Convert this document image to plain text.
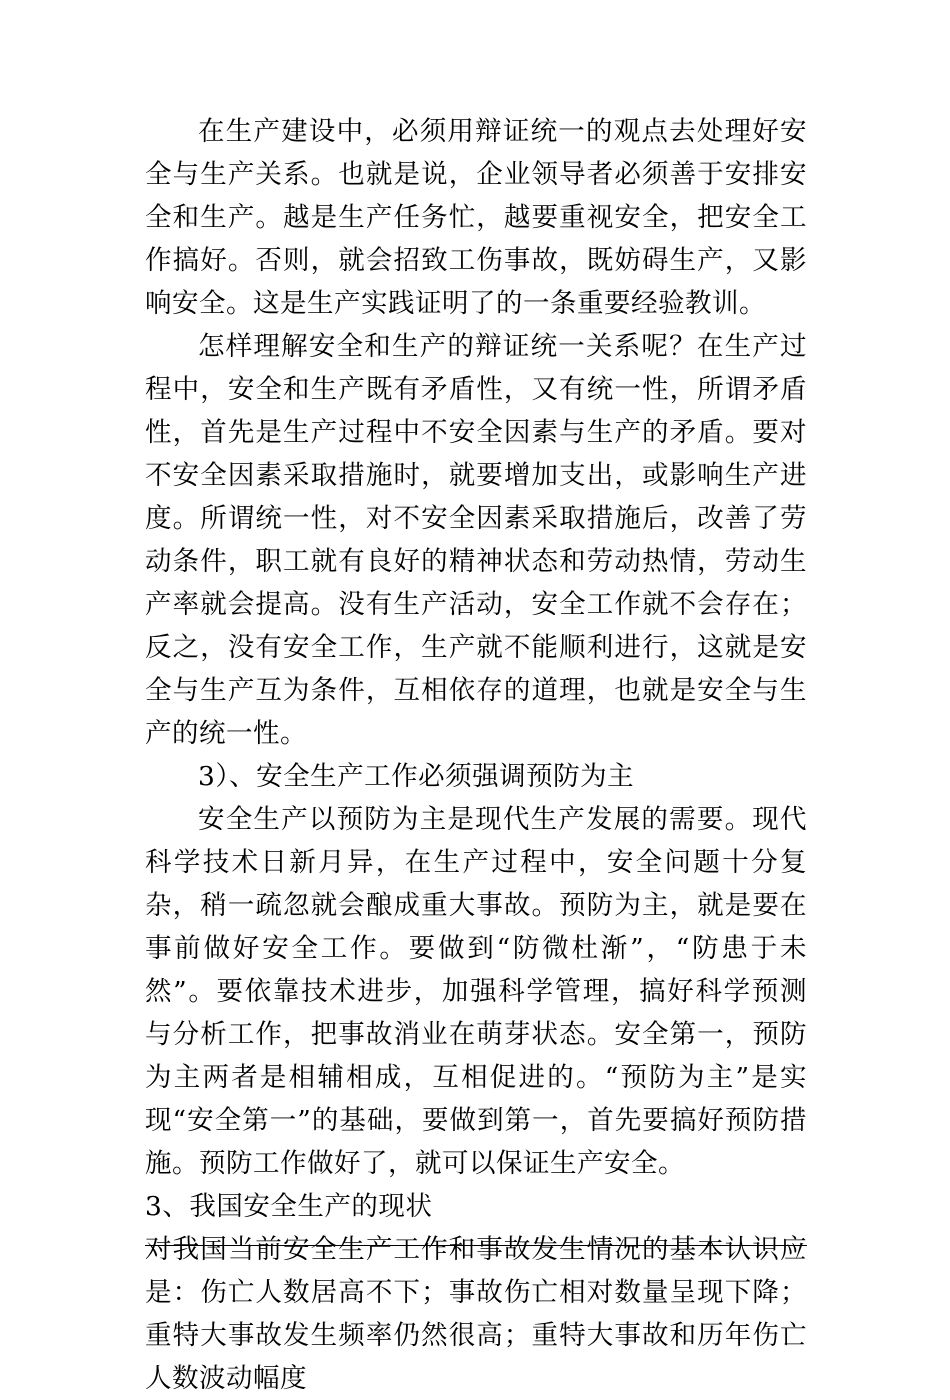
在生产建设中，必须用辩证统一的观点去处理好安全与生产关系。也就是说，企业领导者必须善于安排安全和生产。越是生产任务忙，越要重视安全，把安全工作搞好。否则，就会招致工伤事故，既妨碍生产，又影响安全。这是生产实践证明了的一条重要经验教训。

怎样理解安全和生产的辩证统一关系呢？在生产过程中，安全和生产既有矛盾性，又有统一性，所谓矛盾性，首先是生产过程中不安全因素与生产的矛盾。要对不安全因素采取措施时，就要增加支出，或影响生产进度。所谓统一性，对不安全因素采取措施后，改善了劳动条件，职工就有良好的精神状态和劳动热情，劳动生产率就会提高。没有生产活动，安全工作就不会存在；反之，没有安全工作，生产就不能顺利进行，这就是安全与生产互为条件，互相依存的道理，也就是安全与生产的统一性。

3）、安全生产工作必须强调预防为主

安全生产以预防为主是现代生产发展的需要。现代科学技术日新月异，在生产过程中，安全问题十分复杂，稍一疏忽就会酿成重大事故。预防为主，就是要在事前做好安全工作。要做到“防微杜渐”，“防患于未然”。要依靠技术进步，加强科学管理，搞好科学预测与分析工作，把事故消业在萌芽状态。安全第一，预防为主两者是相辅相成，互相促进的。“预防为主”是实现“安全第一”的基础，要做到第一，首先要搞好预防措施。预防工作做好了，就可以保证生产安全。

3、我国安全生产的现状

对我国当前安全生产工作和事故发生情况的基本认识应是：伤亡人数居高不下；事故伤亡相对数量呈现下降；重特大事故发生频率仍然很高；重特大事故和历年伤亡人数波动幅度
